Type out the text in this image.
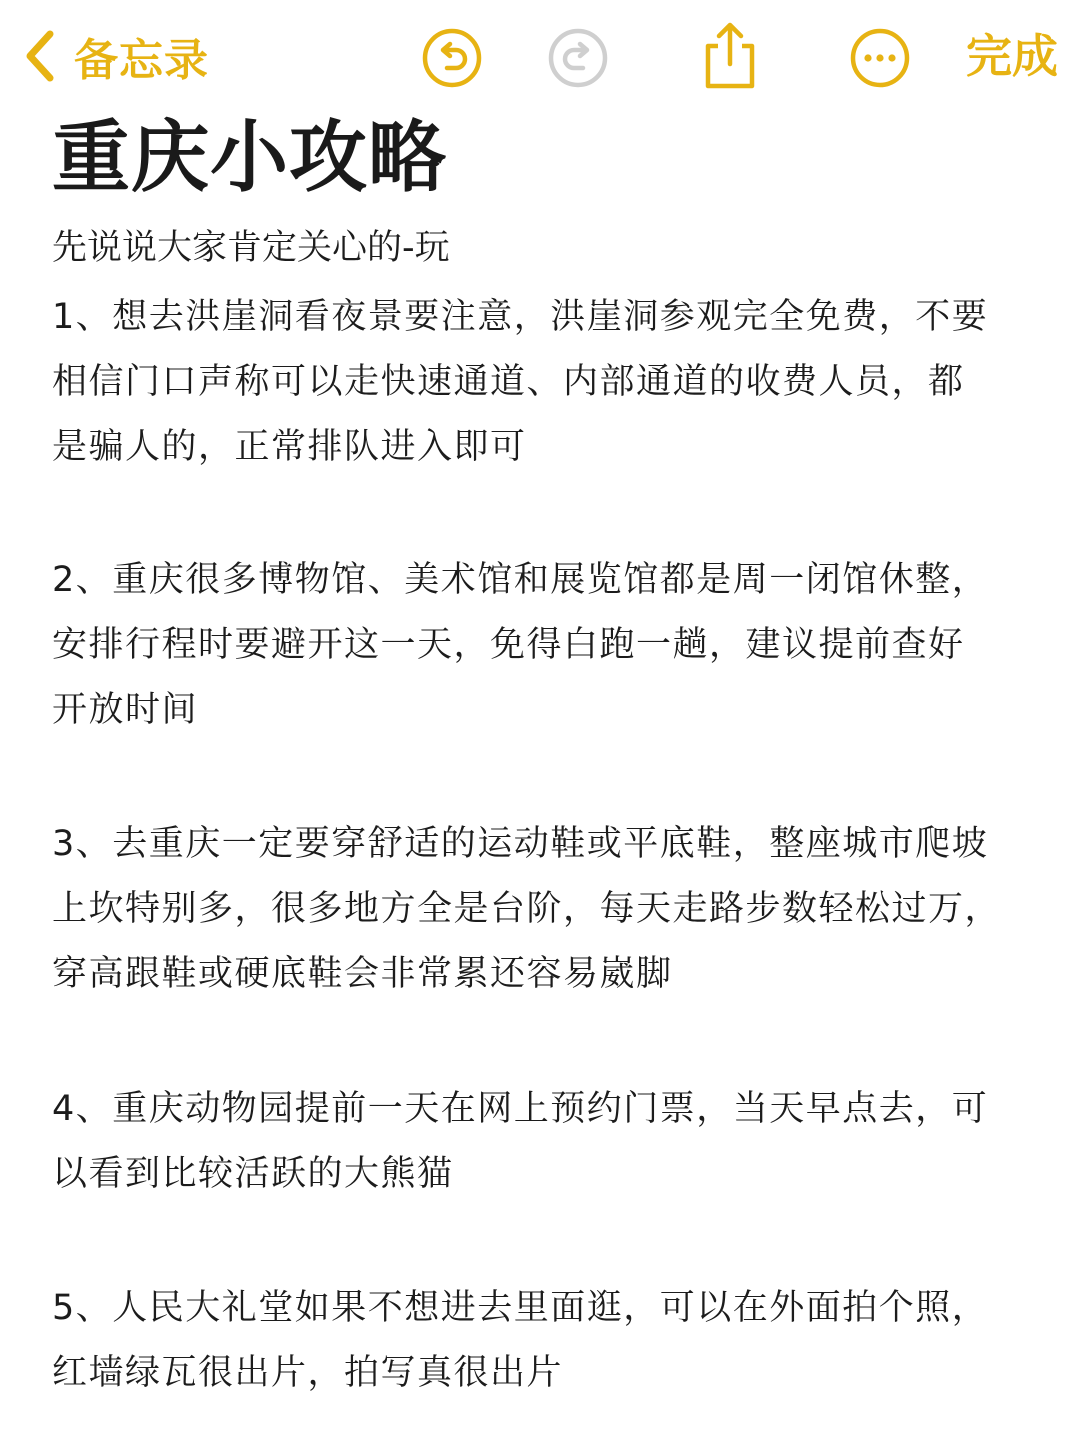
备忘录	完成
重庆小攻略
先说说大家肯定关心的-玩

1、想去洪崖洞看夜景要注意，洪崖洞参观完全免费，不要
相信门口声称可以走快速通道、内部通道的收费人员，都
是骗人的，正常排队进入即可

2、重庆很多博物馆、美术馆和展览馆都是周一闭馆休整，
安排行程时要避开这一天，免得白跑一趟，建议提前查好
开放时间

3、去重庆一定要穿舒适的运动鞋或平底鞋，整座城市爬坡
上坎特别多，很多地方全是台阶，每天走路步数轻松过万，
穿高跟鞋或硬底鞋会非常累还容易崴脚

4、重庆动物园提前一天在网上预约门票，当天早点去，可
以看到比较活跃的大熊猫

5、人民大礼堂如果不想进去里面逛，可以在外面拍个照，
红墙绿瓦很出片，拍写真很出片
